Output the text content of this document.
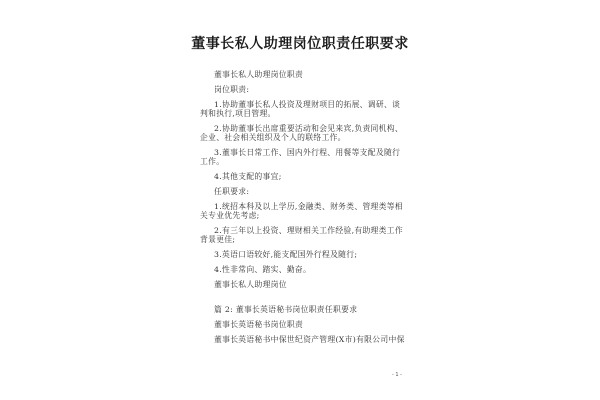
董事长私人助理岗位职责任职要求
董事长私人助理岗位职责
岗位职责:
1.协助董事长私人投资及理财项目的拓展、调研、谈
判和执行,项目管理。
2.协助董事长出席重要活动和会见来宾,负责同机构、
企业、社会相关组织及个人的联络工作。
3.董事长日常工作、国内外行程、用餐等支配及随行
工作。
4.其他支配的事宜;
任职要求:
1.统招本科及以上学历,金融类、财务类、管理类等相
关专业优先考虑;
2.有三年以上投资、理财相关工作经验,有助理类工作
背景更佳;
3.英语口语较好,能支配国外行程及随行;
4.性非常向、踏实、勤奋。
董事长私人助理岗位
篇 2: 董事长英语秘书岗位职责任职要求
董事长英语秘书岗位职责
董事长英语秘书中保世纪资产管理(X市)有限公司中保
- 1 -
